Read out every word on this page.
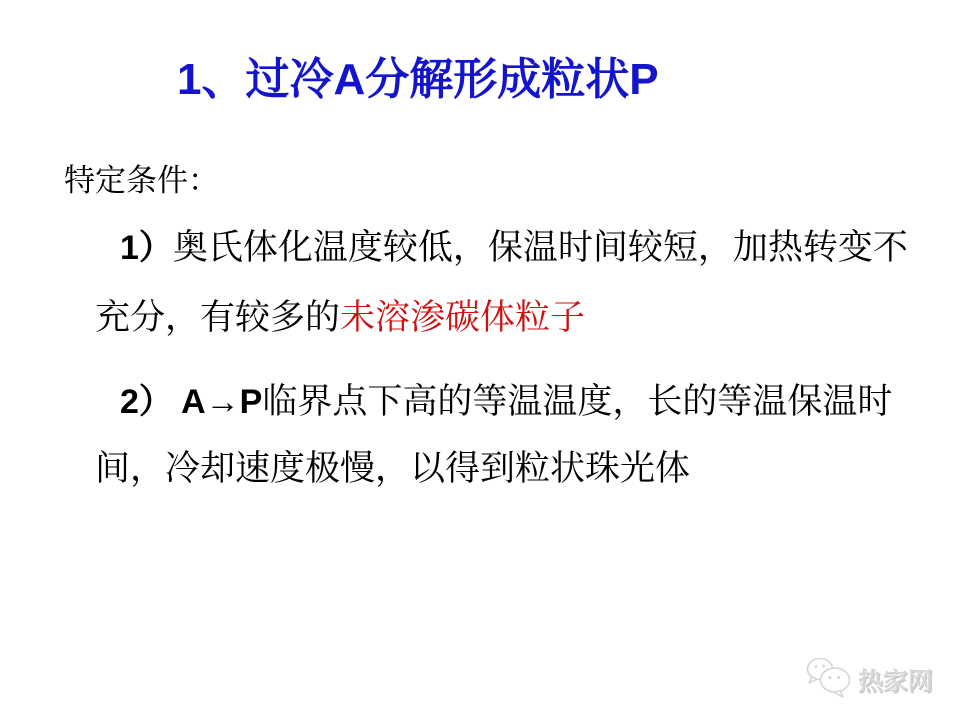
1、过冷A分解形成粒状P
特定条件：
1）奥氏体化温度较低，保温时间较短，加热转变不
充分，有较多的未溶渗碳体粒子
2） A→P临界点下高的等温温度，长的等温保温时
间，冷却速度极慢，以得到粒状珠光体
热家网
